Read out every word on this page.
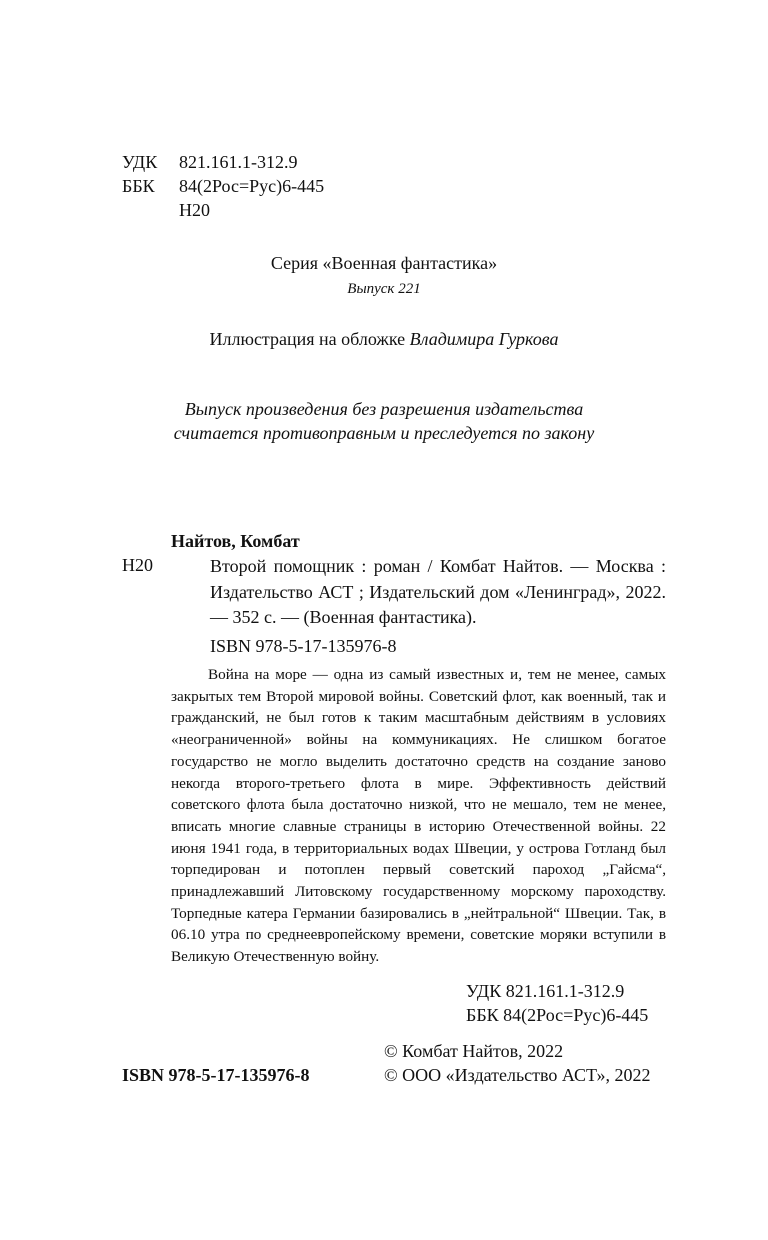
УДК 821.161.1-312.9
ББК 84(2Рос=Рус)6-445
Н20
Серия «Военная фантастика»
Выпуск 221
Иллюстрация на обложке Владимира Гуркова
Выпуск произведения без разрешения издательства
считается противоправным и преследуется по закону
Найтов, Комбат
Н20	Второй помощник : роман / Комбат Найтов. — Москва : Издательство АСТ ; Издательский дом «Ленинград», 2022. — 352 с. — (Военная фантастика).
ISBN 978-5-17-135976-8

Война на море — одна из самый известных и, тем не менее, самых закрытых тем Второй мировой войны. Советский флот, как военный, так и гражданский, не был готов к таким масштабным действиям в условиях «неограниченной» войны на коммуникациях. Не слишком богатое государство не могло выделить достаточно средств на создание заново некогда второго-третьего флота в мире. Эффективность действий советского флота была достаточно низкой, что не мешало, тем не менее, вписать многие славные страницы в историю Отечественной войны. 22 июня 1941 года, в территориальных водах Швеции, у острова Готланд был торпедирован и потоплен первый советский пароход „Гайсма“, принадлежавший Литовскому государственному морскому пароходству. Торпедные катера Германии базировались в „нейтральной“ Швеции. Так, в 06.10 утра по среднеевропейскому времени, советские моряки вступили в Великую Отечественную войну.

УДК 821.161.1-312.9
ББК 84(2Рос=Рус)6-445
© Комбат Найтов, 2022
ISBN 978-5-17-135976-8	© ООО «Издательство АСТ», 2022
